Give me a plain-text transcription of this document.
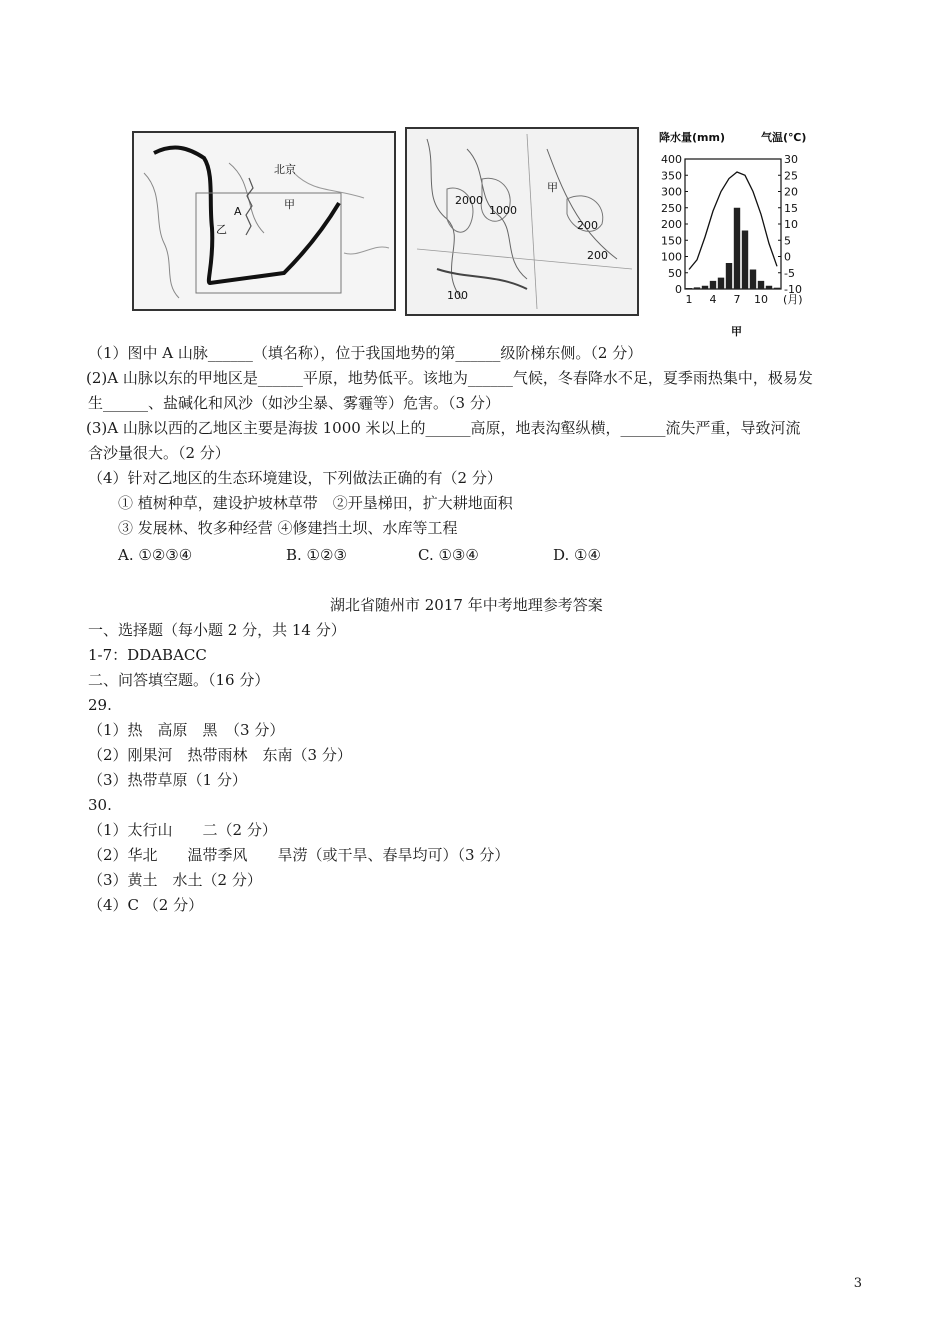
北京
A
乙
甲
甲
1000
200
2000
100
200
降水量(mm)	气温(℃)
400
350
300
250
200
150
100
50
0
30
25
20
15
10
5
0
-5
-10
1 4 7 10 (月)
甲
（1）图中 A 山脉______（填名称），位于我国地势的第______级阶梯东侧。（2 分）
(2)A 山脉以东的甲地区是______平原，地势低平。该地为______气候，冬春降水不足，夏季雨热集中，极易发
生______、盐碱化和风沙（如沙尘暴、雾霾等）危害。（3 分）
(3)A 山脉以西的乙地区主要是海拔 1000 米以上的______高原，地表沟壑纵横，______流失严重，导致河流
含沙量很大。（2 分）
（4）针对乙地区的生态环境建设，下列做法正确的有（2 分）
① 植树种草，建设护坡林草带　②开垦梯田，扩大耕地面积
③ 发展林、牧多种经营 ④修建挡土坝、水库等工程
A. ①②③④	B. ①②③	C. ①③④	D. ①④
湖北省随州市 2017 年中考地理参考答案
一、选择题（每小题 2 分，共 14 分）
1-7：DDABACC
二、问答填空题。（16 分）
29.
（1）热　高原　黑　（3 分）
（2）刚果河　热带雨林　东南（3 分）
（3）热带草原（1 分）
30.
（1）太行山　　二（2 分）
（2）华北　　温带季风　　旱涝（或干旱、春旱均可）（3 分）
（3）黄土　水土（2 分）
（4）C （2 分）
3
